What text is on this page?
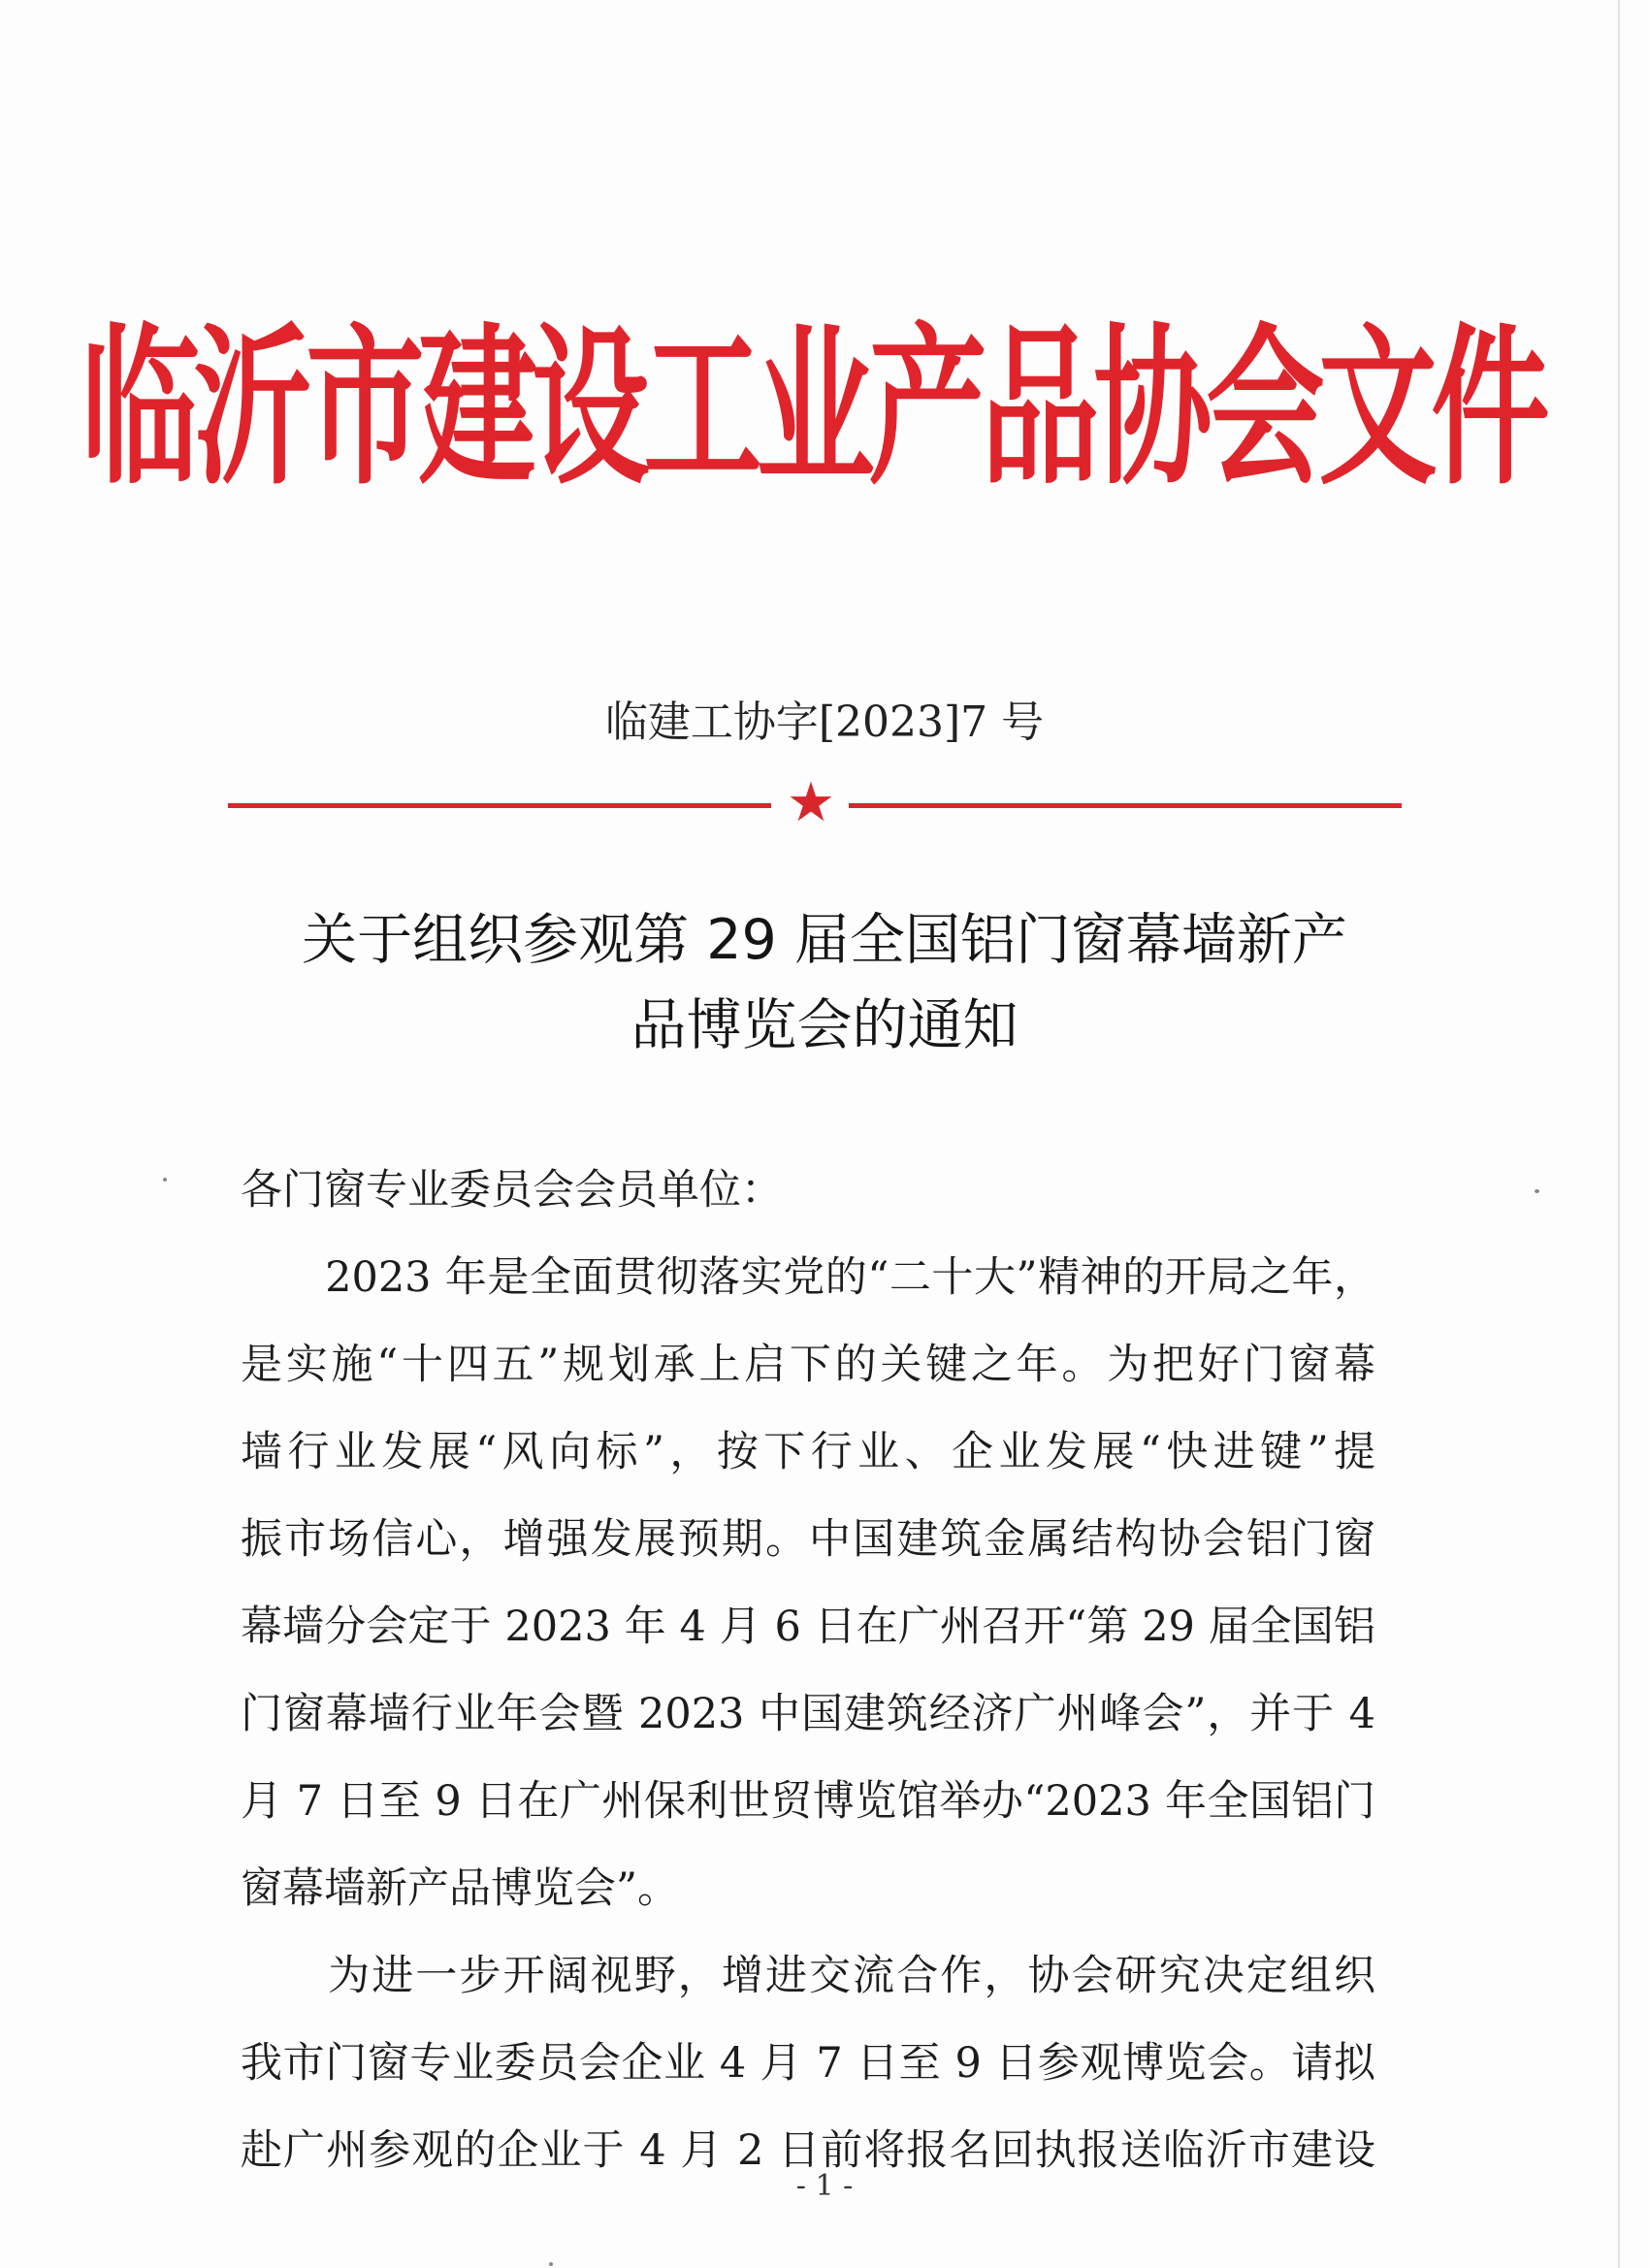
临沂市建设工业产品协会文件
临建工协字[2023]7 号
★
关于组织参观第 29 届全国铝门窗幕墙新产
品博览会的通知

各门窗专业委员会会员单位：

　　2023 年是全面贯彻落实党的“二十大”精神的开局之年，
是实施“十四五”规划承上启下的关键之年。为把好门窗幕
墙行业发展“风向标”，按下行业、企业发展“快进键”提
振市场信心，增强发展预期。中国建筑金属结构协会铝门窗
幕墙分会定于 2023 年 4 月 6 日在广州召开“第 29 届全国铝
门窗幕墙行业年会暨 2023 中国建筑经济广州峰会”，并于 4
月 7 日至 9 日在广州保利世贸博览馆举办“2023 年全国铝门
窗幕墙新产品博览会”。

　　为进一步开阔视野，增进交流合作，协会研究决定组织
我市门窗专业委员会企业 4 月 7 日至 9 日参观博览会。请拟
赴广州参观的企业于 4 月 2 日前将报名回执报送临沂市建设

- 1 -
